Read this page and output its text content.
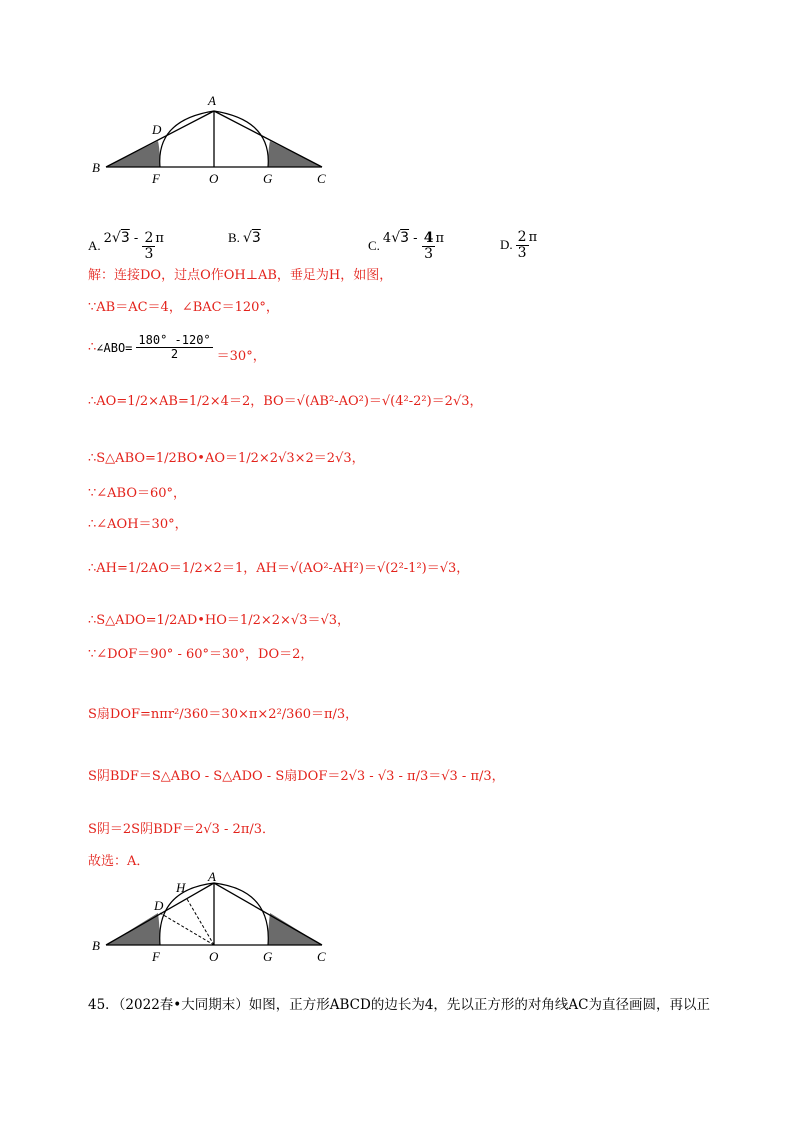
A
D
B
F	O	G	C
A. $2√3 - \frac{2}{3}$ π	B. √3	C. $4√3 - \frac{4}{3}$ π	D. $\frac{2}{3}$ π
解：连接DO，过点O作OH⊥AB，垂足为H，如图，
∵AB＝AC＝4，∠BAC＝120°，
∴ ∠ABO= $\frac{180^\circ -120^\circ}{2} =30^\circ$，
∴AO=1/2×AB=1/2×4＝2，BO＝√(AB²-AO²)＝√(4²-2²)＝2√3，
∴S△ABO=1/2BO•AO＝1/2×2√3×2＝2√3，
∵∠ABO＝60°，
∴∠AOH＝30°，
∴AH=1/2AO＝1/2×2＝1，AH＝√(AO²-AH²)＝√(2²-1²)＝√3，
∴S△ADO=1/2AD•HO＝1/2×2×√3＝√3，
∵∠DOF＝90° - 60°＝30°，DO＝2，
S扇DOF=nπr²/360＝30×π×2²/360＝π/3，
S阴BDF＝S△ABO - S△ADO - S扇DOF＝2√3 - √3 - π/3＝√3 - π/3，
S阴＝2S阴BDF＝2√3 - 2π/3．
故选：A．
A
H
D
B
F	O	G	C
45．（2022春•大同期末）如图，正方形ABCD的边长为4，先以正方形的对角线AC为直径画圆，再以正
